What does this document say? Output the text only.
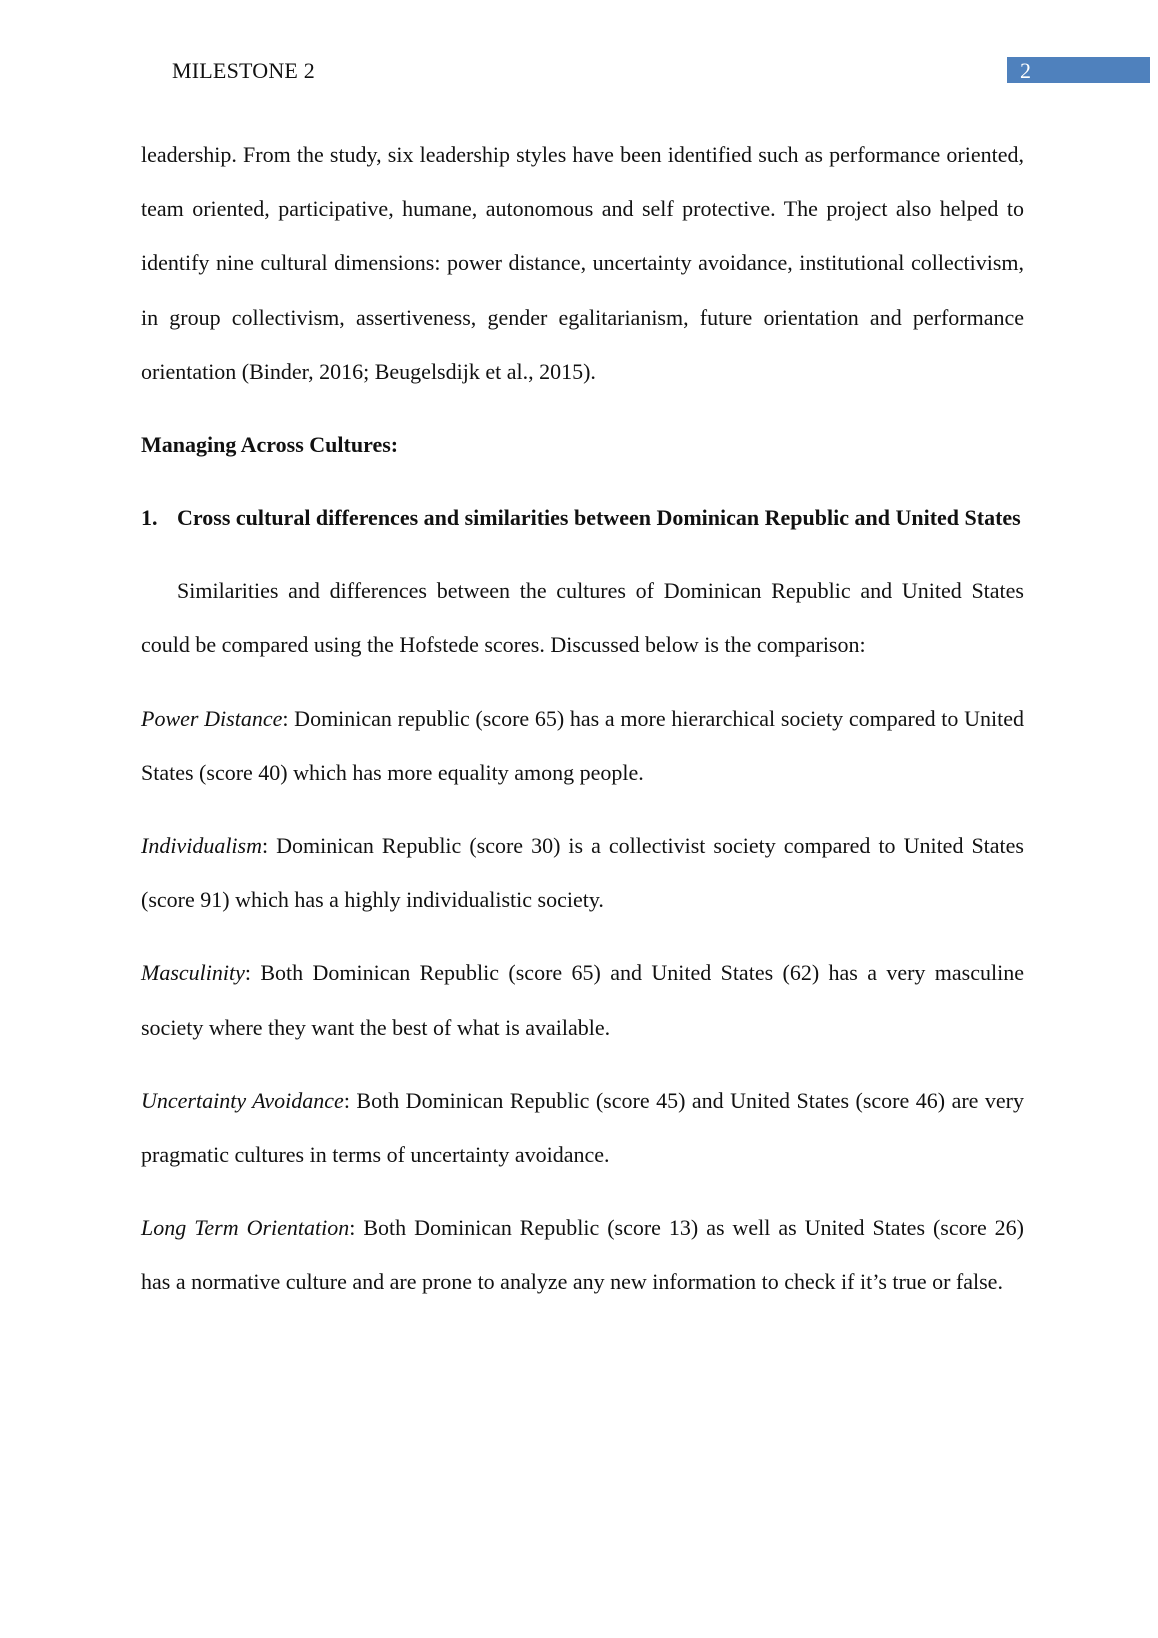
MILESTONE 2	2

leadership. From the study, six leadership styles have been identified such as performance oriented, team oriented, participative, humane, autonomous and self protective. The project also helped to identify nine cultural dimensions: power distance, uncertainty avoidance, institutional collectivism, in group collectivism, assertiveness, gender egalitarianism, future orientation and performance orientation (Binder, 2016; Beugelsdijk et al., 2015).

Managing Across Cultures:

1. Cross cultural differences and similarities between Dominican Republic and United States

Similarities and differences between the cultures of Dominican Republic and United States could be compared using the Hofstede scores. Discussed below is the comparison:

Power Distance: Dominican republic (score 65) has a more hierarchical society compared to United States (score 40) which has more equality among people.

Individualism: Dominican Republic (score 30) is a collectivist society compared to United States (score 91) which has a highly individualistic society.

Masculinity: Both Dominican Republic (score 65) and United States (62) has a very masculine society where they want the best of what is available.

Uncertainty Avoidance: Both Dominican Republic (score 45) and United States (score 46) are very pragmatic cultures in terms of uncertainty avoidance.

Long Term Orientation: Both Dominican Republic (score 13) as well as United States (score 26) has a normative culture and are prone to analyze any new information to check if it’s true or false.
